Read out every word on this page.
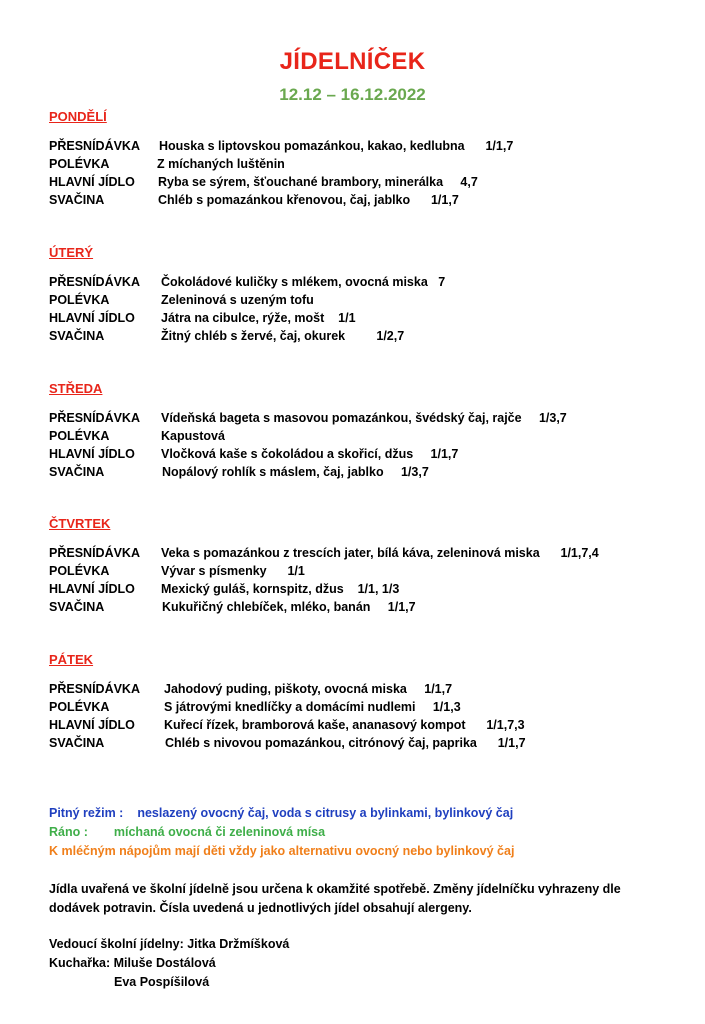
JÍDELNÍČEK
12.12 – 16.12.2022
PONDĚLÍ
PŘESNÍDÁVKA Houska s liptovskou pomazánkou, kakao, kedlubna      1/1,7
POLÉVKA	Z míchaných luštěnin
HLAVNÍ JÍDLO Ryba se sýrem, šťouchané brambory, minerálka     4,7
SVAČINA	Chléb s pomazánkou křenovou, čaj, jablko      1/1,7
ÚTERÝ
PŘESNÍDÁVKA Čokoládové kuličky s mlékem, ovocná miska   7
POLÉVKA	Zeleninová s uzeným tofu
HLAVNÍ JÍDLO Játra na cibulce, rýže, mošt    1/1
SVAČINA	Žitný chléb s žervé, čaj, okurek         1/2,7
STŘEDA
PŘESNÍDÁVKA Vídeňská bageta s masovou pomazánkou, švédský čaj, rajče     1/3,7
POLÉVKA	Kapustová
HLAVNÍ JÍDLO Vločková kaše s čokoládou a skořicí, džus     1/1,7
SVAČINA	Nopálový rohlík s máslem, čaj, jablko     1/3,7
ČTVRTEK
PŘESNÍDÁVKA Veka s pomazánkou z trescích jater, bílá káva, zeleninová miska      1/1,7,4
POLÉVKA	Vývar s písmenky      1/1
HLAVNÍ JÍDLO Mexický guláš, kornspitz, džus    1/1, 1/3
SVAČINA	Kukuřičný chlebíček, mléko, banán     1/1,7
PÁTEK
PŘESNÍDÁVKA Jahodový puding, piškoty, ovocná miska     1/1,7
POLÉVKA	S játrovými knedlíčky a domácími nudlemi     1/1,3
HLAVNÍ JÍDLO Kuřecí řízek, bramborová kaše, ananasový kompot      1/1,7,3
SVAČINA	Chléb s nivovou pomazánkou, citrónový čaj, paprika      1/1,7
Pitný režim : neslazený ovocný čaj, voda s citrusy a bylinkami, bylinkový čaj
Ráno : míchaná ovocná či zeleninová mísa
K mléčným nápojům mají děti vždy jako alternativu ovocný nebo bylinkový čaj
Jídla uvařená ve školní jídelně jsou určena k okamžité spotřebě. Změny jídelníčku vyhrazeny dle dodávek potravin. Čísla uvedená u jednotlivých jídel obsahují alergeny.
Vedoucí školní jídelny: Jitka Držmíšková
Kuchařka: Miluše Dostálová
Eva Pospíšilová
